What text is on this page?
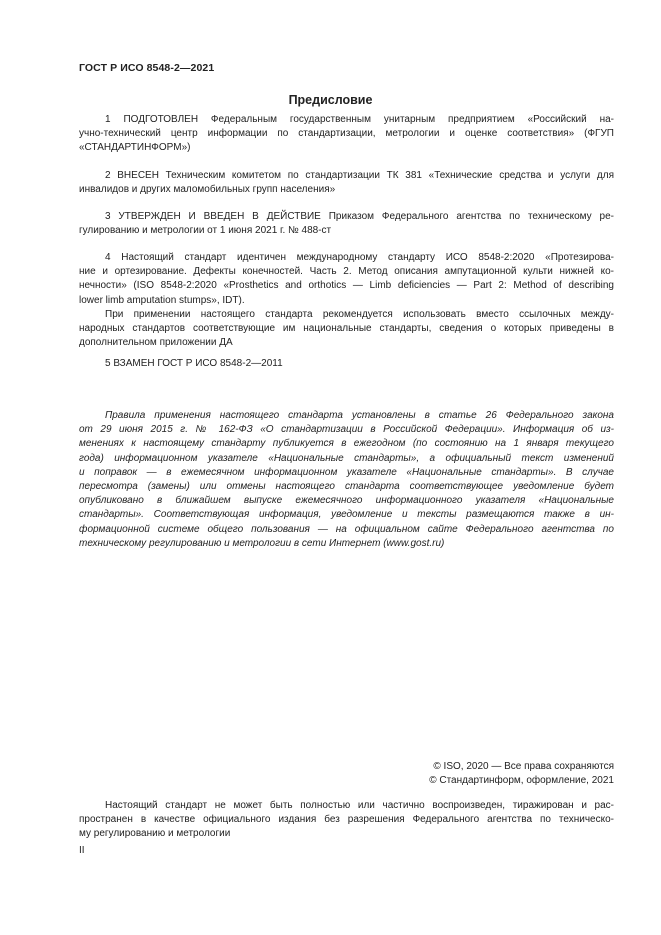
ГОСТ Р ИСО 8548-2—2021
Предисловие
1 ПОДГОТОВЛЕН Федеральным государственным унитарным предприятием «Российский на-
учно-технический центр информации по стандартизации, метрологии и оценке соответствия» (ФГУП
«СТАНДАРТИНФОРМ»)
2 ВНЕСЕН Техническим комитетом по стандартизации ТК 381 «Технические средства и услуги для
инвалидов и других маломобильных групп населения»
3 УТВЕРЖДЕН И ВВЕДЕН В ДЕЙСТВИЕ Приказом Федерального агентства по техническому ре-
гулированию и метрологии от 1 июня 2021 г. № 488-ст
4 Настоящий стандарт идентичен международному стандарту ИСО 8548-2:2020 «Протезирова-
ние и ортезирование. Дефекты конечностей. Часть 2. Метод описания ампутационной культи нижней ко-
нечности» (ISO 8548-2:2020 «Prosthetics and orthotics — Limb deficiencies — Part 2: Method of describing
lower limb amputation stumps», IDT).
При применении настоящего стандарта рекомендуется использовать вместо ссылочных между-
народных стандартов соответствующие им национальные стандарты, сведения о которых приведены в
дополнительном приложении ДА
5 ВЗАМЕН ГОСТ Р ИСО 8548-2—2011
Правила применения настоящего стандарта установлены в статье 26 Федерального закона
от 29 июня 2015 г. № 162-ФЗ «О стандартизации в Российской Федерации». Информация об из-
менениях к настоящему стандарту публикуется в ежегодном (по состоянию на 1 января текущего
года) информационном указателе «Национальные стандарты», а официальный текст изменений
и поправок — в ежемесячном информационном указателе «Национальные стандарты». В случае
пересмотра (замены) или отмены настоящего стандарта соответствующее уведомление будет
опубликовано в ближайшем выпуске ежемесячного информационного указателя «Национальные
стандарты». Соответствующая информация, уведомление и тексты размещаются также в ин-
формационной системе общего пользования — на официальном сайте Федерального агентства по
техническому регулированию и метрологии в сети Интернет (www.gost.ru)
© ISO, 2020 — Все права сохраняются
© Стандартинформ, оформление, 2021
Настоящий стандарт не может быть полностью или частично воспроизведен, тиражирован и рас-
пространен в качестве официального издания без разрешения Федерального агентства по техническо-
му регулированию и метрологии
II
